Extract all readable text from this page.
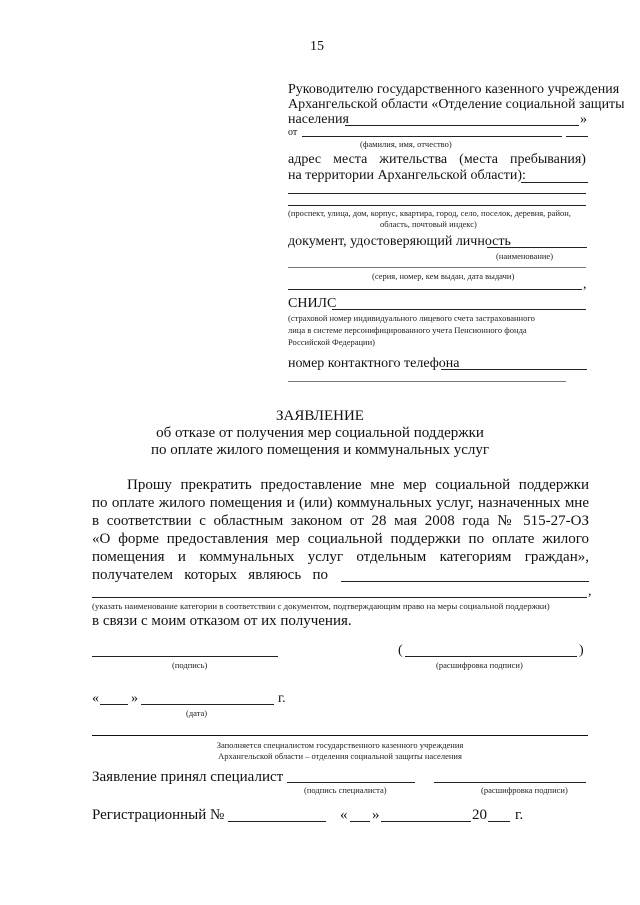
15
Руководителю государственного казенного учреждения
Архангельской области «Отделение социальной защиты
населения	»
от
(фамилия, имя, отчество)
адрес места жительства (места пребывания)
на территории Архангельской области):
(проспект, улица, дом, корпус, квартира, город, село, поселок, деревня, район,
область, почтовый индекс)
документ, удостоверяющий личность
(наименование)
(серия, номер, кем выдан, дата выдачи)
,
СНИЛС
(страховой номер индивидуального лицевого счета застрахованного
лица в системе персонифицированного учета Пенсионного фонда
Российской Федерации)
номер контактного телефона
ЗАЯВЛЕНИЕ
об отказе от получения мер социальной поддержки
по оплате жилого помещения и коммунальных услуг
Прошу прекратить предоставление мне мер социальной поддержки
по оплате жилого помещения и (или) коммунальных услуг, назначенных мне
в соответствии с областным законом от 28 мая 2008 года № 515-27-ОЗ
«О форме предоставления мер социальной поддержки по оплате жилого
помещения и коммунальных услуг отдельным категориям граждан»,
получателем которых являюсь по
,
(указать наименование категории в соответствии с документом, подтверждающим право на меры социальной поддержки)
в связи с моим отказом от их получения.
(подпись)
(	)
(расшифровка подписи)
« »	г.
(дата)
Заполняется специалистом государственного казенного учреждения
Архангельской области – отделения социальной защиты населения
Заявление принял специалист
(подпись специалиста)	(расшифровка подписи)
Регистрационный №	« »	20 г.
